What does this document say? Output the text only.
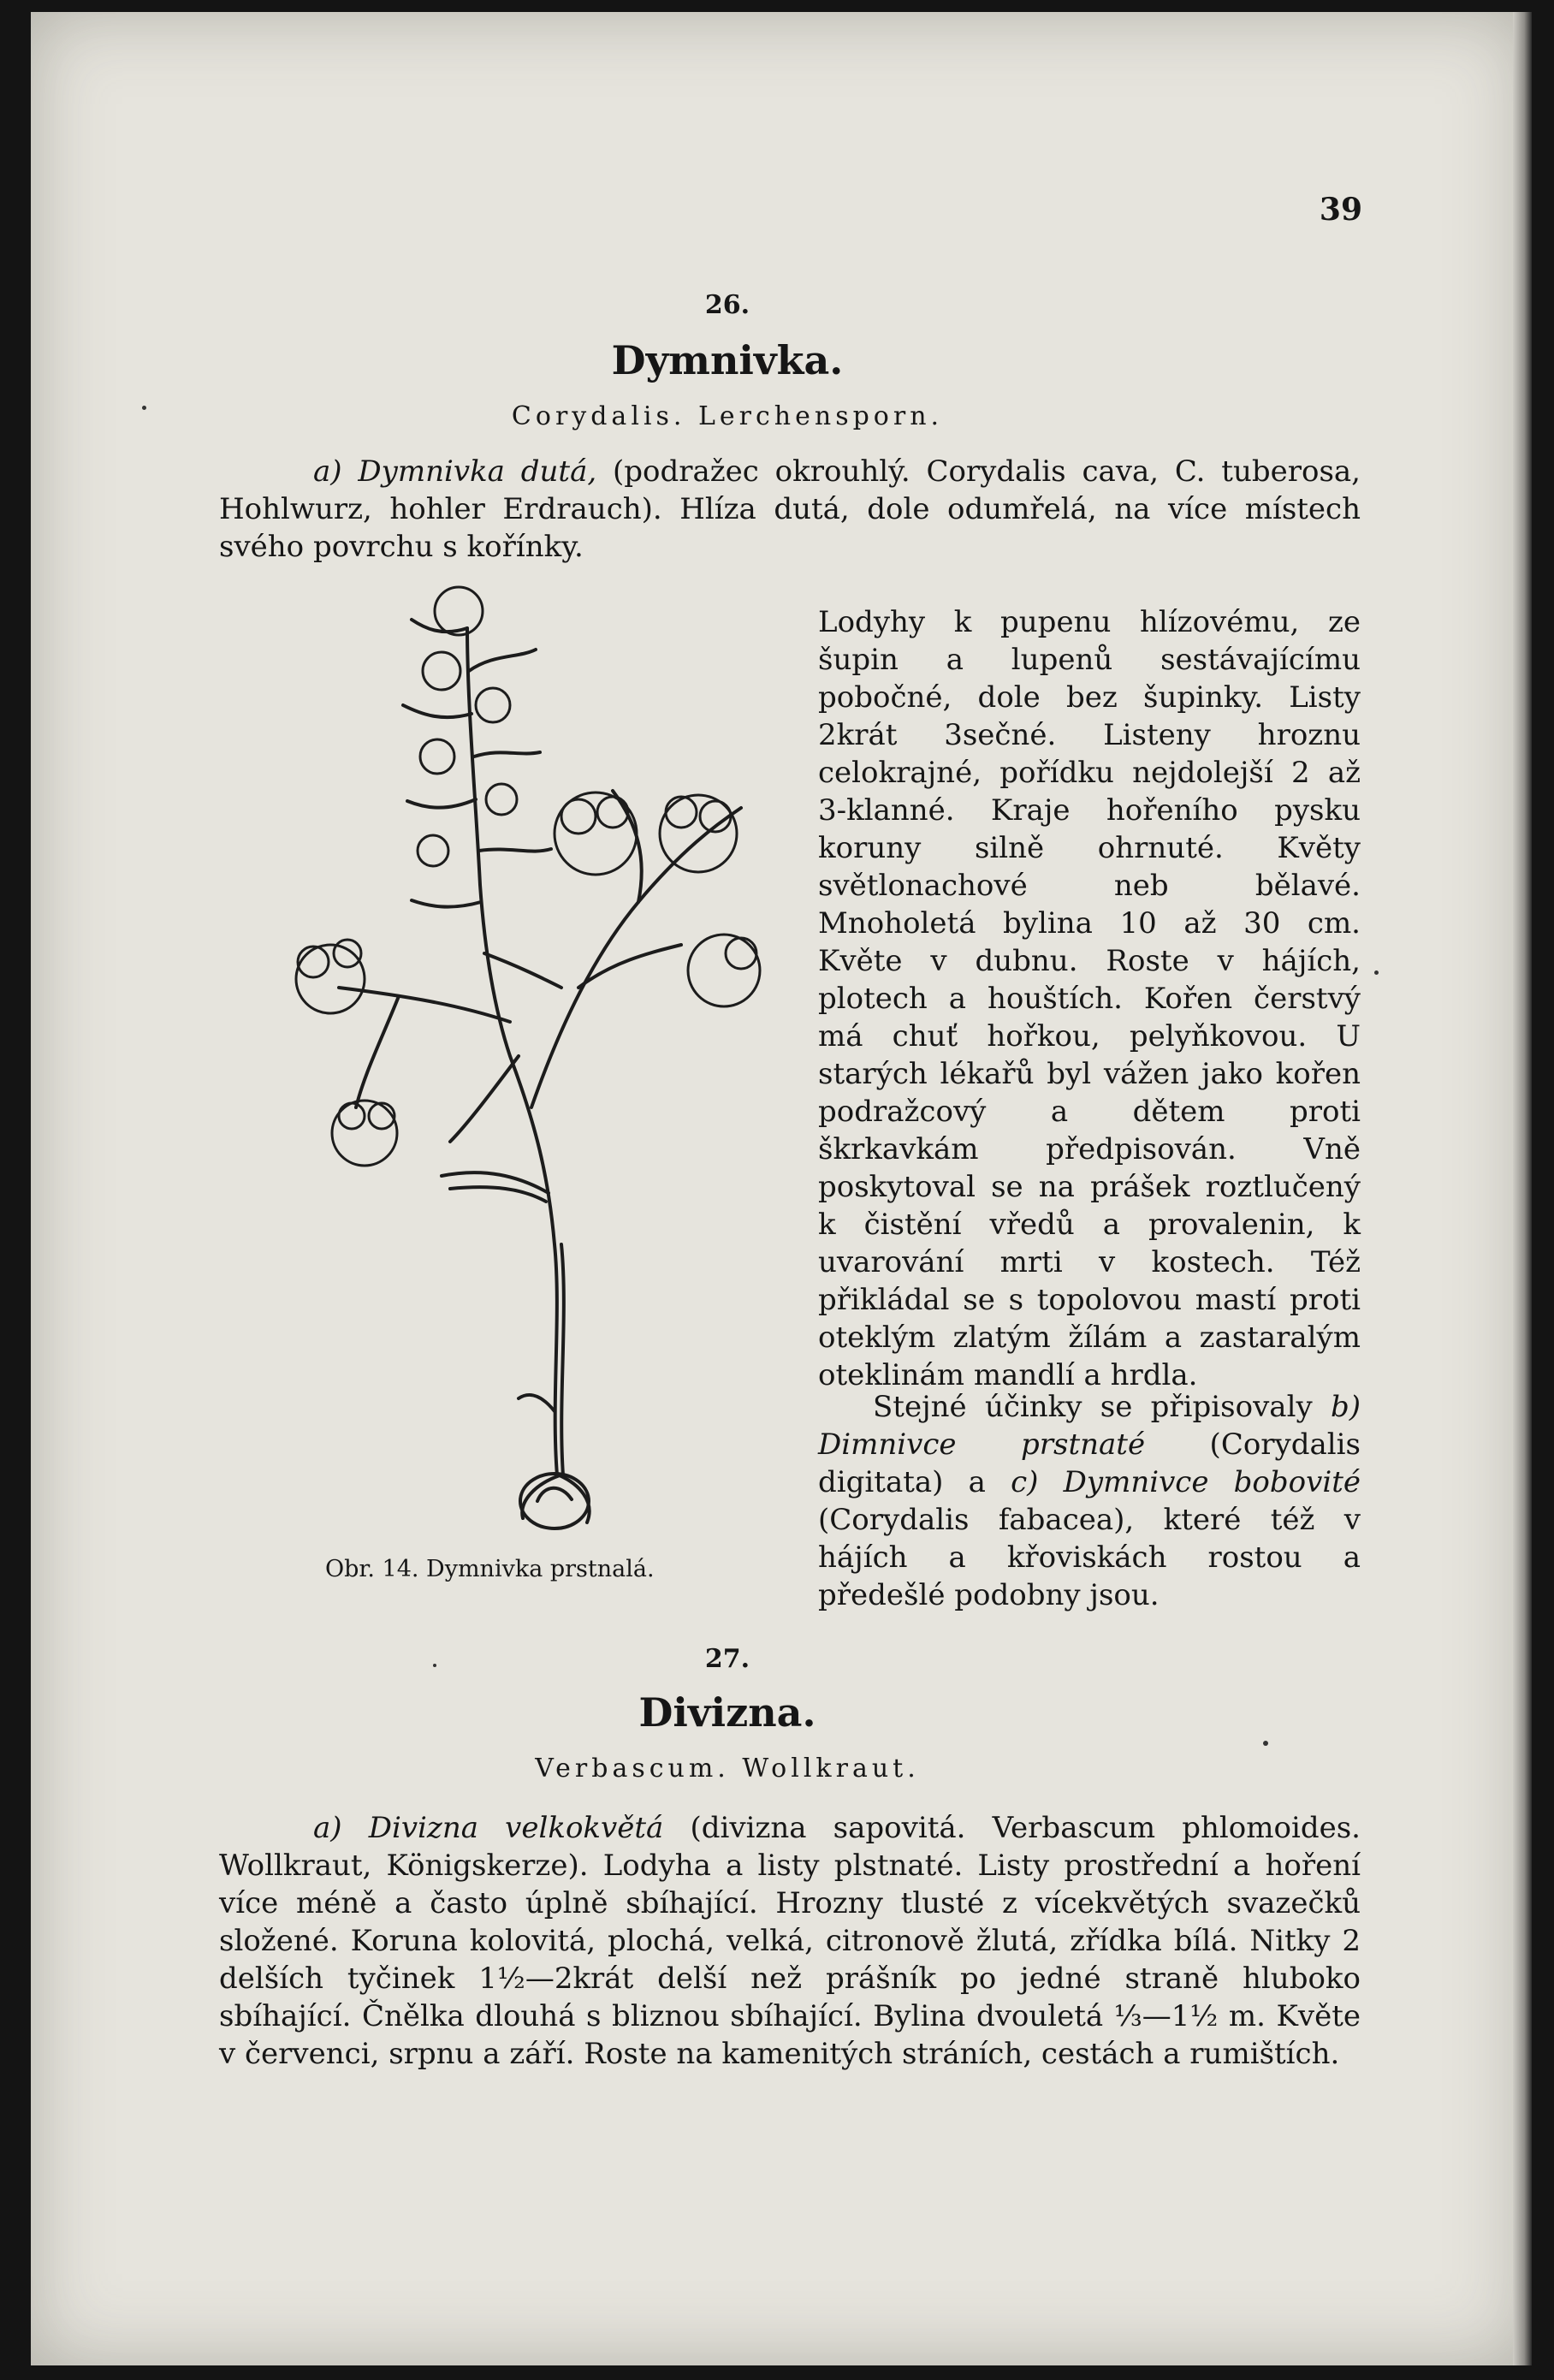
39
26.
Dymnivka.
Corydalis. Lerchensporn.

a) Dymnivka dutá, (podražec okrouhlý. Corydalis cava, C. tuberosa, Hohlwurz, hohler Erdrauch). Hlíza dutá, dole odumřelá, na více místech svého povrchu s kořínky.

Lodyhy k pupenu hlízovému, ze šupin a lupenů sestávajícímu pobočné, dole bez šupinky. Listy 2krát 3sečné. Listeny hroznu celokrajné, pořídku nejdolejší 2 až 3-klanné. Kraje hořeního pysku koruny silně ohrnuté. Květy světlonachové neb bělavé. Mnoholetá bylina 10 až 30 cm. Květe v dubnu. Roste v hájích, plotech a houštích. Kořen čerstvý má chuť hořkou, pelyňkovou. U starých lékařů byl vážen jako kořen podražcový a dětem proti škrkavkám předpisován. Vně poskytoval se na prášek roztlučený k čistění vředů a provalenin, k uvarování mrti v kostech. Též přikládal se s topolovou mastí proti oteklým zlatým žílám a zastaralým oteklinám mandlí a hrdla.

Stejné účinky se připisovaly b) Dimnivce prstnaté (Corydalis digitata) a c) Dymnivce bobovité (Corydalis fabacea), které též v hájích a křoviskách rostou a předešlé podobny jsou.

Obr. 14. Dymnivka prstnalá.
27.
Divizna.
Verbascum. Wollkraut.

a) Divizna velkokvětá (divizna sapovitá. Verbascum phlomoides. Wollkraut, Königskerze). Lodyha a listy plstnaté. Listy prostřední a hoření více méně a často úplně sbíhající. Hrozny tlusté z vícekvětých svazečků složené. Koruna kolovitá, plochá, velká, citronově žlutá, zřídka bílá. Nitky 2 delších tyčinek 1½—2krát delší než prášník po jedné straně hluboko sbíhající. Čnělka dlouhá s bliznou sbíhající. Bylina dvouletá ⅓—1½ m. Květe v červenci, srpnu a září. Roste na kamenitých stráních, cestách a rumištích.
